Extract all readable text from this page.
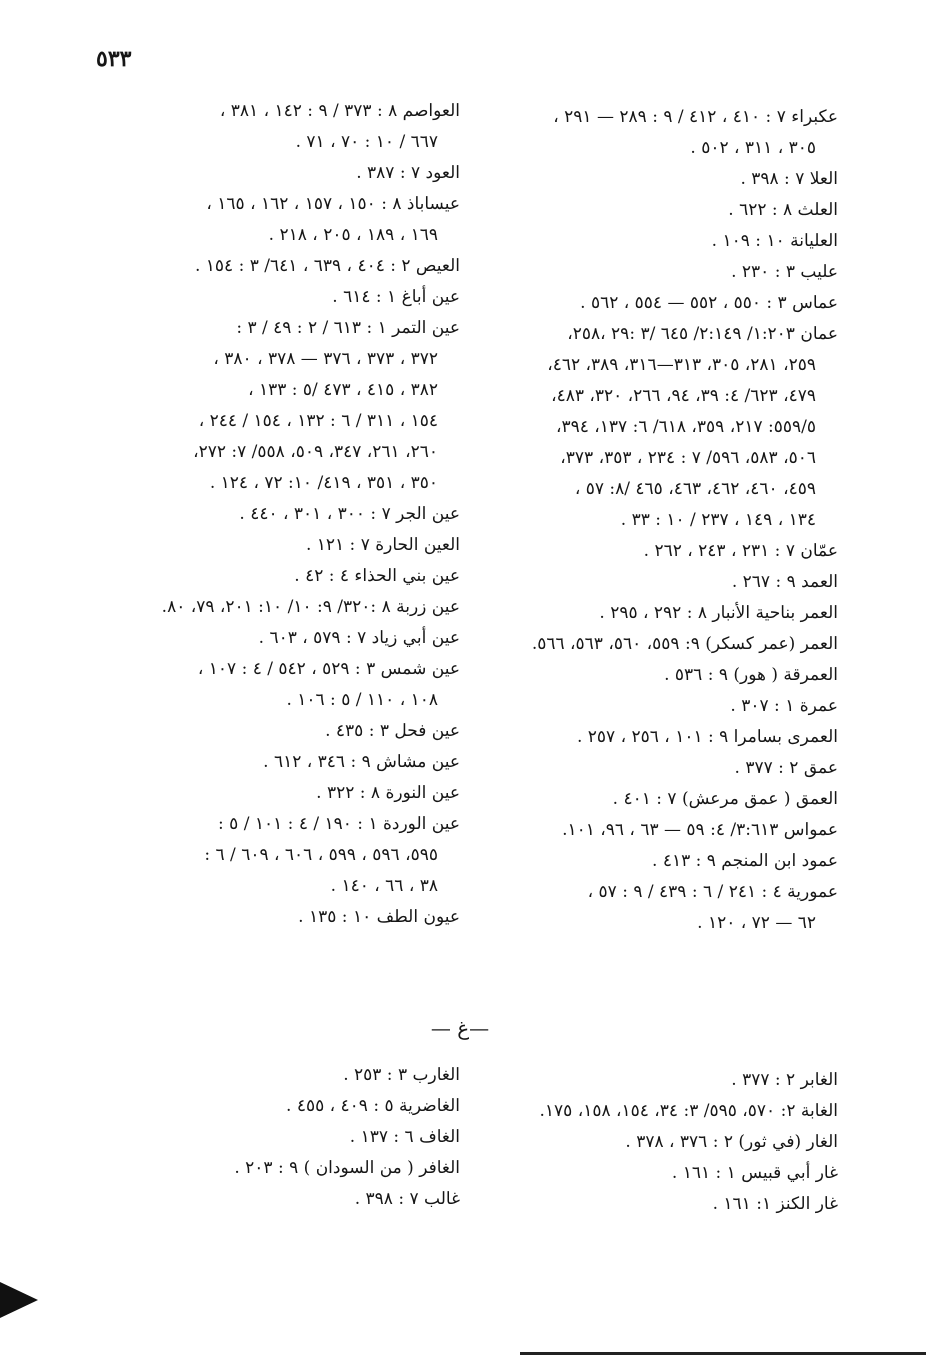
٥٣٣
عكبراء ٧ : ٤١٠ ، ٤١٢ / ٩ : ٢٨٩ — ٢٩١ ،
٣٠٥ ، ٣١١ ، ٥٠٢ .
العلا ٧ : ٣٩٨ .
العلث ٨ : ٦٢٢ .
العليانة ١٠ : ١٠٩ .
عليب ٣ : ٢٣٠ .
عماس ٣ : ٥٥٠ ، ٥٥٢ — ٥٥٤ ، ٥٦٢ .
عمان ١:٢٠٣/ ٢:١٤٩/ ٦٤٥ /٣ :٢٩ ،٢٥٨،
٢٥٩، ٢٨١، ٣٠٥، ٣١٣—٣١٦، ٣٨٩، ٤٦٢،
٤٧٩، ٦٢٣/ ٤: ٣٩، ٩٤، ٢٦٦، ٣٢٠، ٤٨٣،
٥٥٩/٥: ٢١٧، ٣٥٩، ٦١٨/ ٦: ١٣٧، ٣٩٤،
٥٠٦، ٥٨٣، ٥٩٦/ ٧ : ٢٣٤ ، ٣٥٣، ٣٧٣،
٤٥٩، ٤٦٠، ٤٦٢، ٤٦٣، ٤٦٥ /٨: ٥٧ ،
١٣٤ ، ١٤٩ ، ٢٣٧ / ١٠ : ٣٣ .
عمّان ٧ : ٢٣١ ، ٢٤٣ ، ٢٦٢ .
العمد ٩ : ٢٦٧ .
العمر بناحية الأنبار ٨ : ٢٩٢ ، ٢٩٥ .
العمر (عمر كسكر) ٩: ٥٥٩، ٥٦٠، ٥٦٣، ٥٦٦.
العمرقة ( هور) ٩ : ٥٣٦ .
عمرة ١ : ٣٠٧ .
العمرى بسامرا ٩ : ١٠١ ، ٢٥٦ ، ٢٥٧ .
عمق ٢ : ٣٧٧ .
العمق ( عمق مرعش) ٧ : ٤٠١ .
عمواس ٣:٦١٣/ ٤: ٥٩ — ٦٣ ، ٩٦، ١٠١.
عمود ابن المنجم ٩ : ٤١٣ .
عمورية ٤ : ٢٤١ / ٦ : ٤٣٩ / ٩ : ٥٧ ،
٦٢ — ٧٢ ، ١٢٠ .
العواصم ٨ : ٣٧٣ / ٩ : ١٤٢ ، ٣٨١ ،
٦٦٧ / ١٠ : ٧٠ ، ٧١ .
العود ٧ : ٣٨٧ .
عيساباذ ٨ : ١٥٠ ، ١٥٧ ، ١٦٢ ، ١٦٥ ،
١٦٩ ، ١٨٩ ، ٢٠٥ ، ٢١٨ .
العيص ٢ : ٤٠٤ ، ٦٣٩ ، ٦٤١/ ٣ : ١٥٤ .
عين أباغ ١ : ٦١٤ .
عين التمر ١ : ٦١٣ / ٢ : ٤٩ / ٣ :
٣٧٢ ، ٣٧٣ ، ٣٧٦ — ٣٧٨ ، ٣٨٠ ،
٣٨٢ ، ٤١٥ ، ٤٧٣ /٥ : ١٣٣ ،
١٥٤ ، ٣١١ / ٦ : ١٣٢ ، ١٥٤ / ٢٤٤ ،
٢٦٠، ٢٦١، ٣٤٧، ٥٠٩، ٥٥٨/ ٧: ٢٧٢،
٣٥٠ ، ٣٥١ ، ٤١٩/ ١٠: ٧٢ ، ١٢٤ .
عين الجر ٧ : ٣٠٠ ، ٣٠١ ، ٤٤٠ .
العين الحارة ٧ : ١٢١ .
عين بني الحذاء ٤ : ٤٢ .
عين زربة ٨ :٣٢٠/ ٩: ١٠/ ١٠: ٢٠١، ٧٩، ٨٠.
عين أبي زياد ٧ : ٥٧٩ ، ٦٠٣ .
عين شمس ٣ : ٥٢٩ ، ٥٤٢ / ٤ : ١٠٧ ،
١٠٨ ، ١١٠ / ٥ : ١٠٦ .
عين فحل ٣ : ٤٣٥ .
عين مشاش ٩ : ٣٤٦ ، ٦١٢ .
عين النورة ٨ : ٣٢٢ .
عين الوردة ١ : ١٩٠ / ٤ : ١٠١ / ٥ :
٥٩٥، ٥٩٦ ، ٥٩٩ ، ٦٠٦ ، ٦٠٩ / ٦ :
٣٨ ، ٦٦ ، ١٤٠ .
عيون الطف ١٠ : ١٣٥ .
—غ —
الغابر ٢ : ٣٧٧ .
الغابة ٢: ٥٧٠، ٥٩٥/ ٣: ٣٤، ١٥٤، ١٥٨، ١٧٥.
الغار (في ثور) ٢ : ٣٧٦ ، ٣٧٨ .
غار أبي قبيس ١ : ١٦١ .
غار الكنز ١: ١٦١ .
الغارب ٣ : ٢٥٣ .
الغاضرية ٥ : ٤٠٩ ، ٤٥٥ .
الغاف ٦ : ١٣٧ .
الغافر ( من السودان ) ٩ : ٢٠٣ .
غالب ٧ : ٣٩٨ .
